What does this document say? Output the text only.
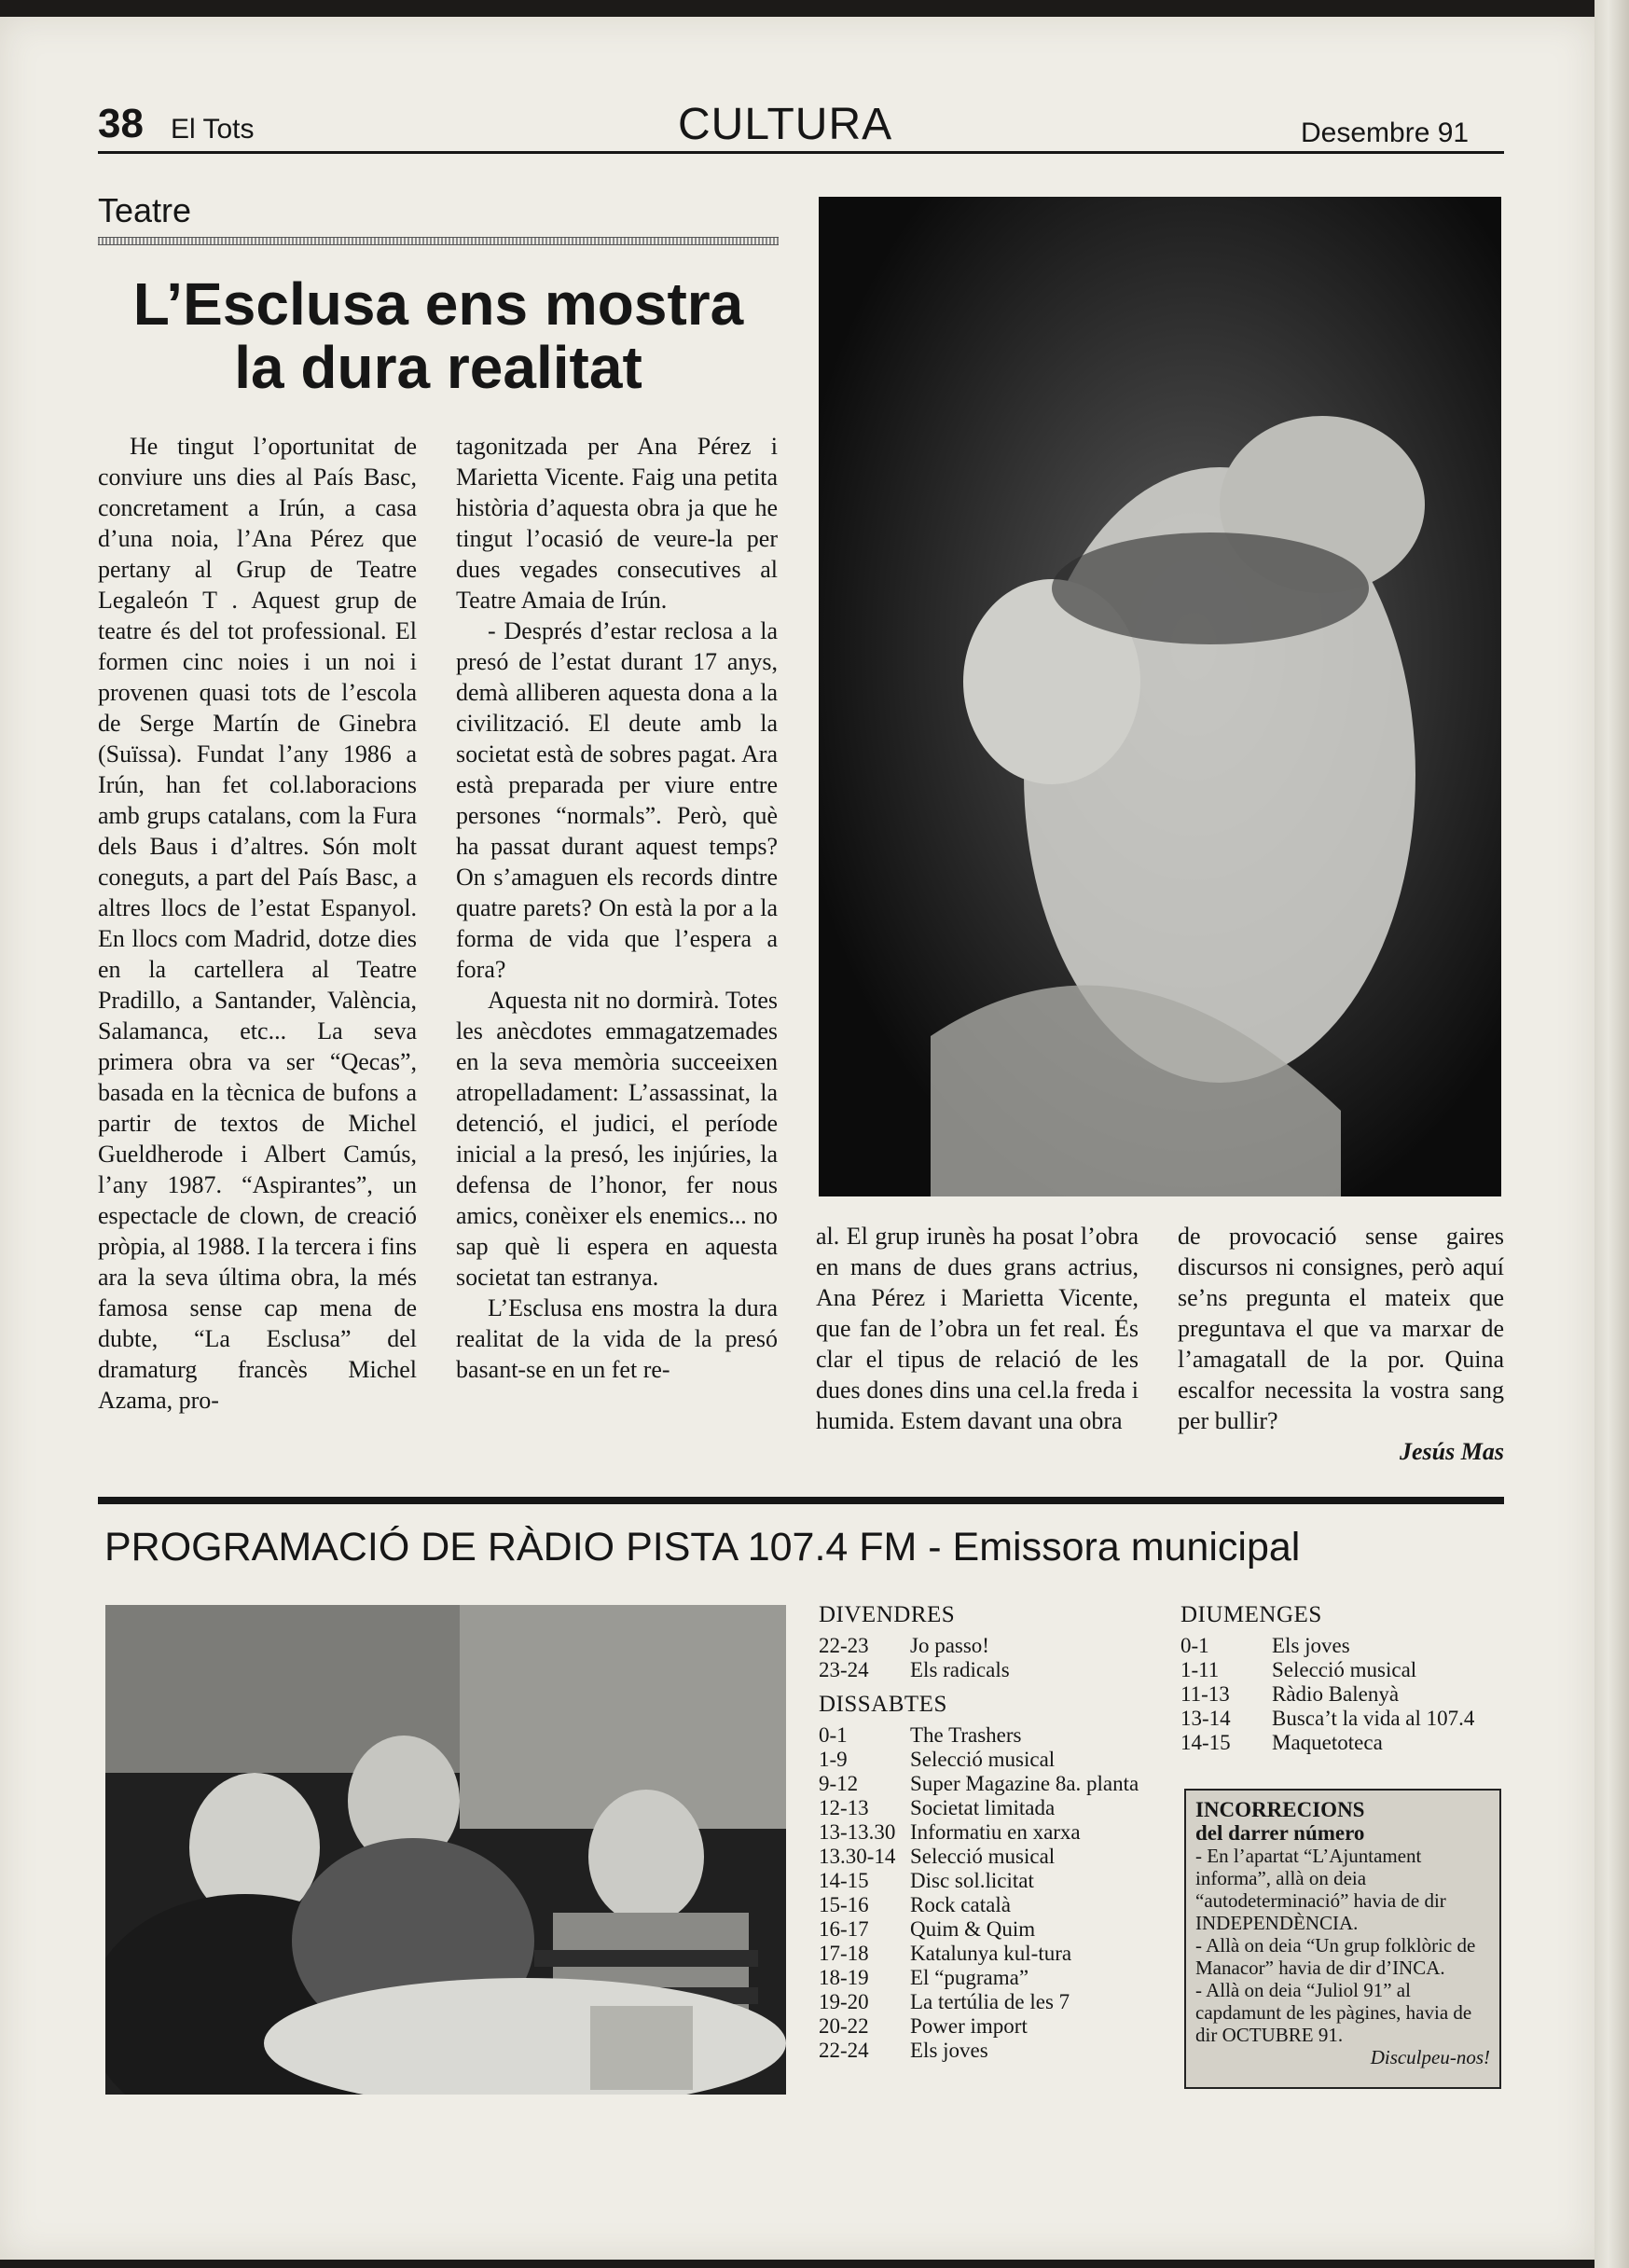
38 El Tots	CULTURA	Desembre 91
Teatre
L’Esclusa ens mostra
la dura realitat

He tingut l’oportunitat de conviure uns dies al País Basc, concretament a Irún, a casa d’una noia, l’Ana Pérez que pertany al Grup de Teatre Legaleón T . Aquest grup de teatre és del tot professional. El formen cinc noies i un noi i provenen quasi tots de l’escola de Serge Martín de Ginebra (Suïssa). Fundat l’any 1986 a Irún, han fet col.laboracions amb grups catalans, com la Fura dels Baus i d’altres. Són molt coneguts, a part del País Basc, a altres llocs de l’estat Espanyol. En llocs com Madrid, dotze dies en la cartellera al Teatre Pradillo, a Santander, València, Salamanca, etc... La seva primera obra va ser “Qecas”, basada en la tècnica de bufons a partir de textos de Michel Gueldherode i Albert Camús, l’any 1987. “Aspirantes”, un espectacle de clown, de creació pròpia, al 1988. I la tercera i fins ara la seva última obra, la més famosa sense cap mena de dubte, “La Esclusa” del dramaturg francès Michel Azama, pro-

tagonitzada per Ana Pérez i Marietta Vicente. Faig una petita història d’aquesta obra ja que he tingut l’ocasió de veure-la per dues vegades consecutives al Teatre Amaia de Irún.

- Després d’estar reclosa a la presó de l’estat durant 17 anys, demà alliberen aquesta dona a la civilització. El deute amb la societat està de sobres pagat. Ara està preparada per viure entre persones “normals”. Però, què ha passat durant aquest temps? On s’amaguen els records dintre quatre parets? On està la por a la forma de vida que l’espera a fora?

Aquesta nit no dormirà. Totes les anècdotes emmagatzemades en la seva memòria succeeixen atropelladament: L’assassinat, la detenció, el judici, el període inicial a la presó, les injúries, la defensa de l’honor, fer nous amics, conèixer els enemics... no sap què li espera en aquesta societat tan estranya.

L’Esclusa ens mostra la dura realitat de la vida de la presó basant-se en un fet re-

al. El grup irunès ha posat l’obra en mans de dues grans actrius, Ana Pérez i Marietta Vicente, que fan de l’obra un fet real. És clar el tipus de relació de les dues dones dins una cel.la freda i humida. Estem davant una obra

de provocació sense gaires discursos ni consignes, però aquí se’ns pregunta el mateix que preguntava el que va marxar de l’amagatall de la por. Quina escalfor necessita la vostra sang per bullir?

Jesús Mas

PROGRAMACIÓ DE RÀDIO PISTA 107.4 FM - Emissora municipal
DIVENDRES
22-23	Jo passo!
23-24	Els radicals
DISSABTES
0-1	The Trashers
1-9	Selecció musical
9-12	Super Magazine 8a. planta
12-13	Societat limitada
13-13.30	Informatiu en xarxa
13.30-14	Selecció musical
14-15	Disc sol.licitat
15-16	Rock català
16-17	Quim & Quim
17-18	Katalunya kul-tura
18-19	El “pugrama”
19-20	La tertúlia de les 7
20-22	Power import
22-24	Els joves
DIUMENGES
0-1	Els joves
1-11	Selecció musical
11-13	Ràdio Balenyà
13-14	Busca’t la vida al 107.4
14-15	Maquetoteca
INCORRECIONS
del darrer número

- En l’apartat “L’Ajuntament informa”, allà on deia “autodeterminació” havia de dir INDEPENDÈNCIA.

- Allà on deia “Un grup folklòric de Manacor” havia de dir d’INCA.

- Allà on deia “Juliol 91” al capdamunt de les pàgines, havia de dir OCTUBRE 91.

Disculpeu-nos!
